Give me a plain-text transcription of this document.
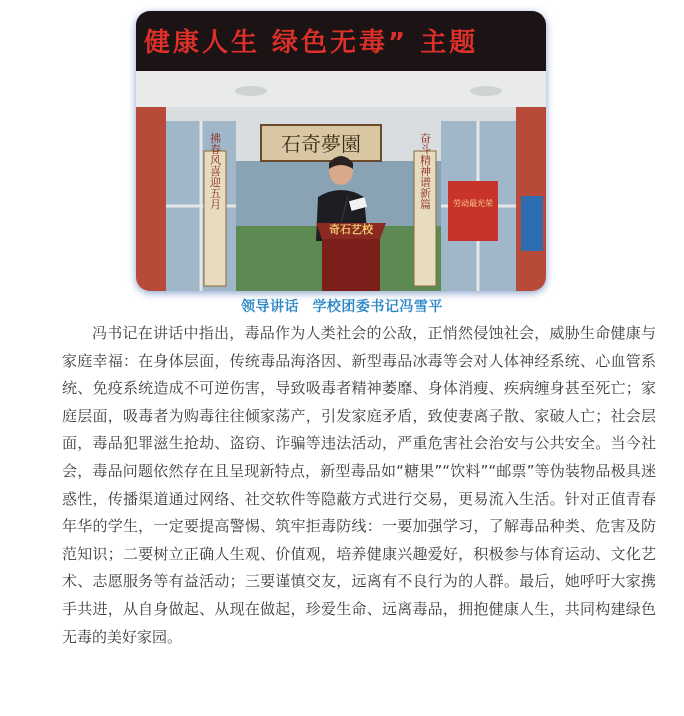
健康人生 绿色无毒” 主题
石奇夢園
拂春风喜迎五月	奋斗精神谱新篇	劳动最光荣
奇石艺校
领导讲话 学校团委书记冯雪平

冯书记在讲话中指出，毒品作为人类社会的公敌，正悄然侵蚀社会，威胁生命健康与家庭幸福：在身体层面，传统毒品海洛因、新型毒品冰毒等会对人体神经系统、心血管系统、免疫系统造成不可逆伤害，导致吸毒者精神萎靡、身体消瘦、疾病缠身甚至死亡；家庭层面，吸毒者为购毒往往倾家荡产，引发家庭矛盾，致使妻离子散、家破人亡；社会层面，毒品犯罪滋生抢劫、盗窃、诈骗等违法活动，严重危害社会治安与公共安全。当今社会，毒品问题依然存在且呈现新特点，新型毒品如“糖果”“饮料”“邮票”等伪装物品极具迷惑性，传播渠道通过网络、社交软件等隐蔽方式进行交易，更易流入生活。针对正值青春年华的学生，一定要提高警惕、筑牢拒毒防线：一要加强学习，了解毒品种类、危害及防范知识；二要树立正确人生观、价值观，培养健康兴趣爱好，积极参与体育运动、文化艺术、志愿服务等有益活动；三要谨慎交友，远离有不良行为的人群。最后，她呼吁大家携手共进，从自身做起、从现在做起，珍爱生命、远离毒品，拥抱健康人生，共同构建绿色无毒的美好家园。
